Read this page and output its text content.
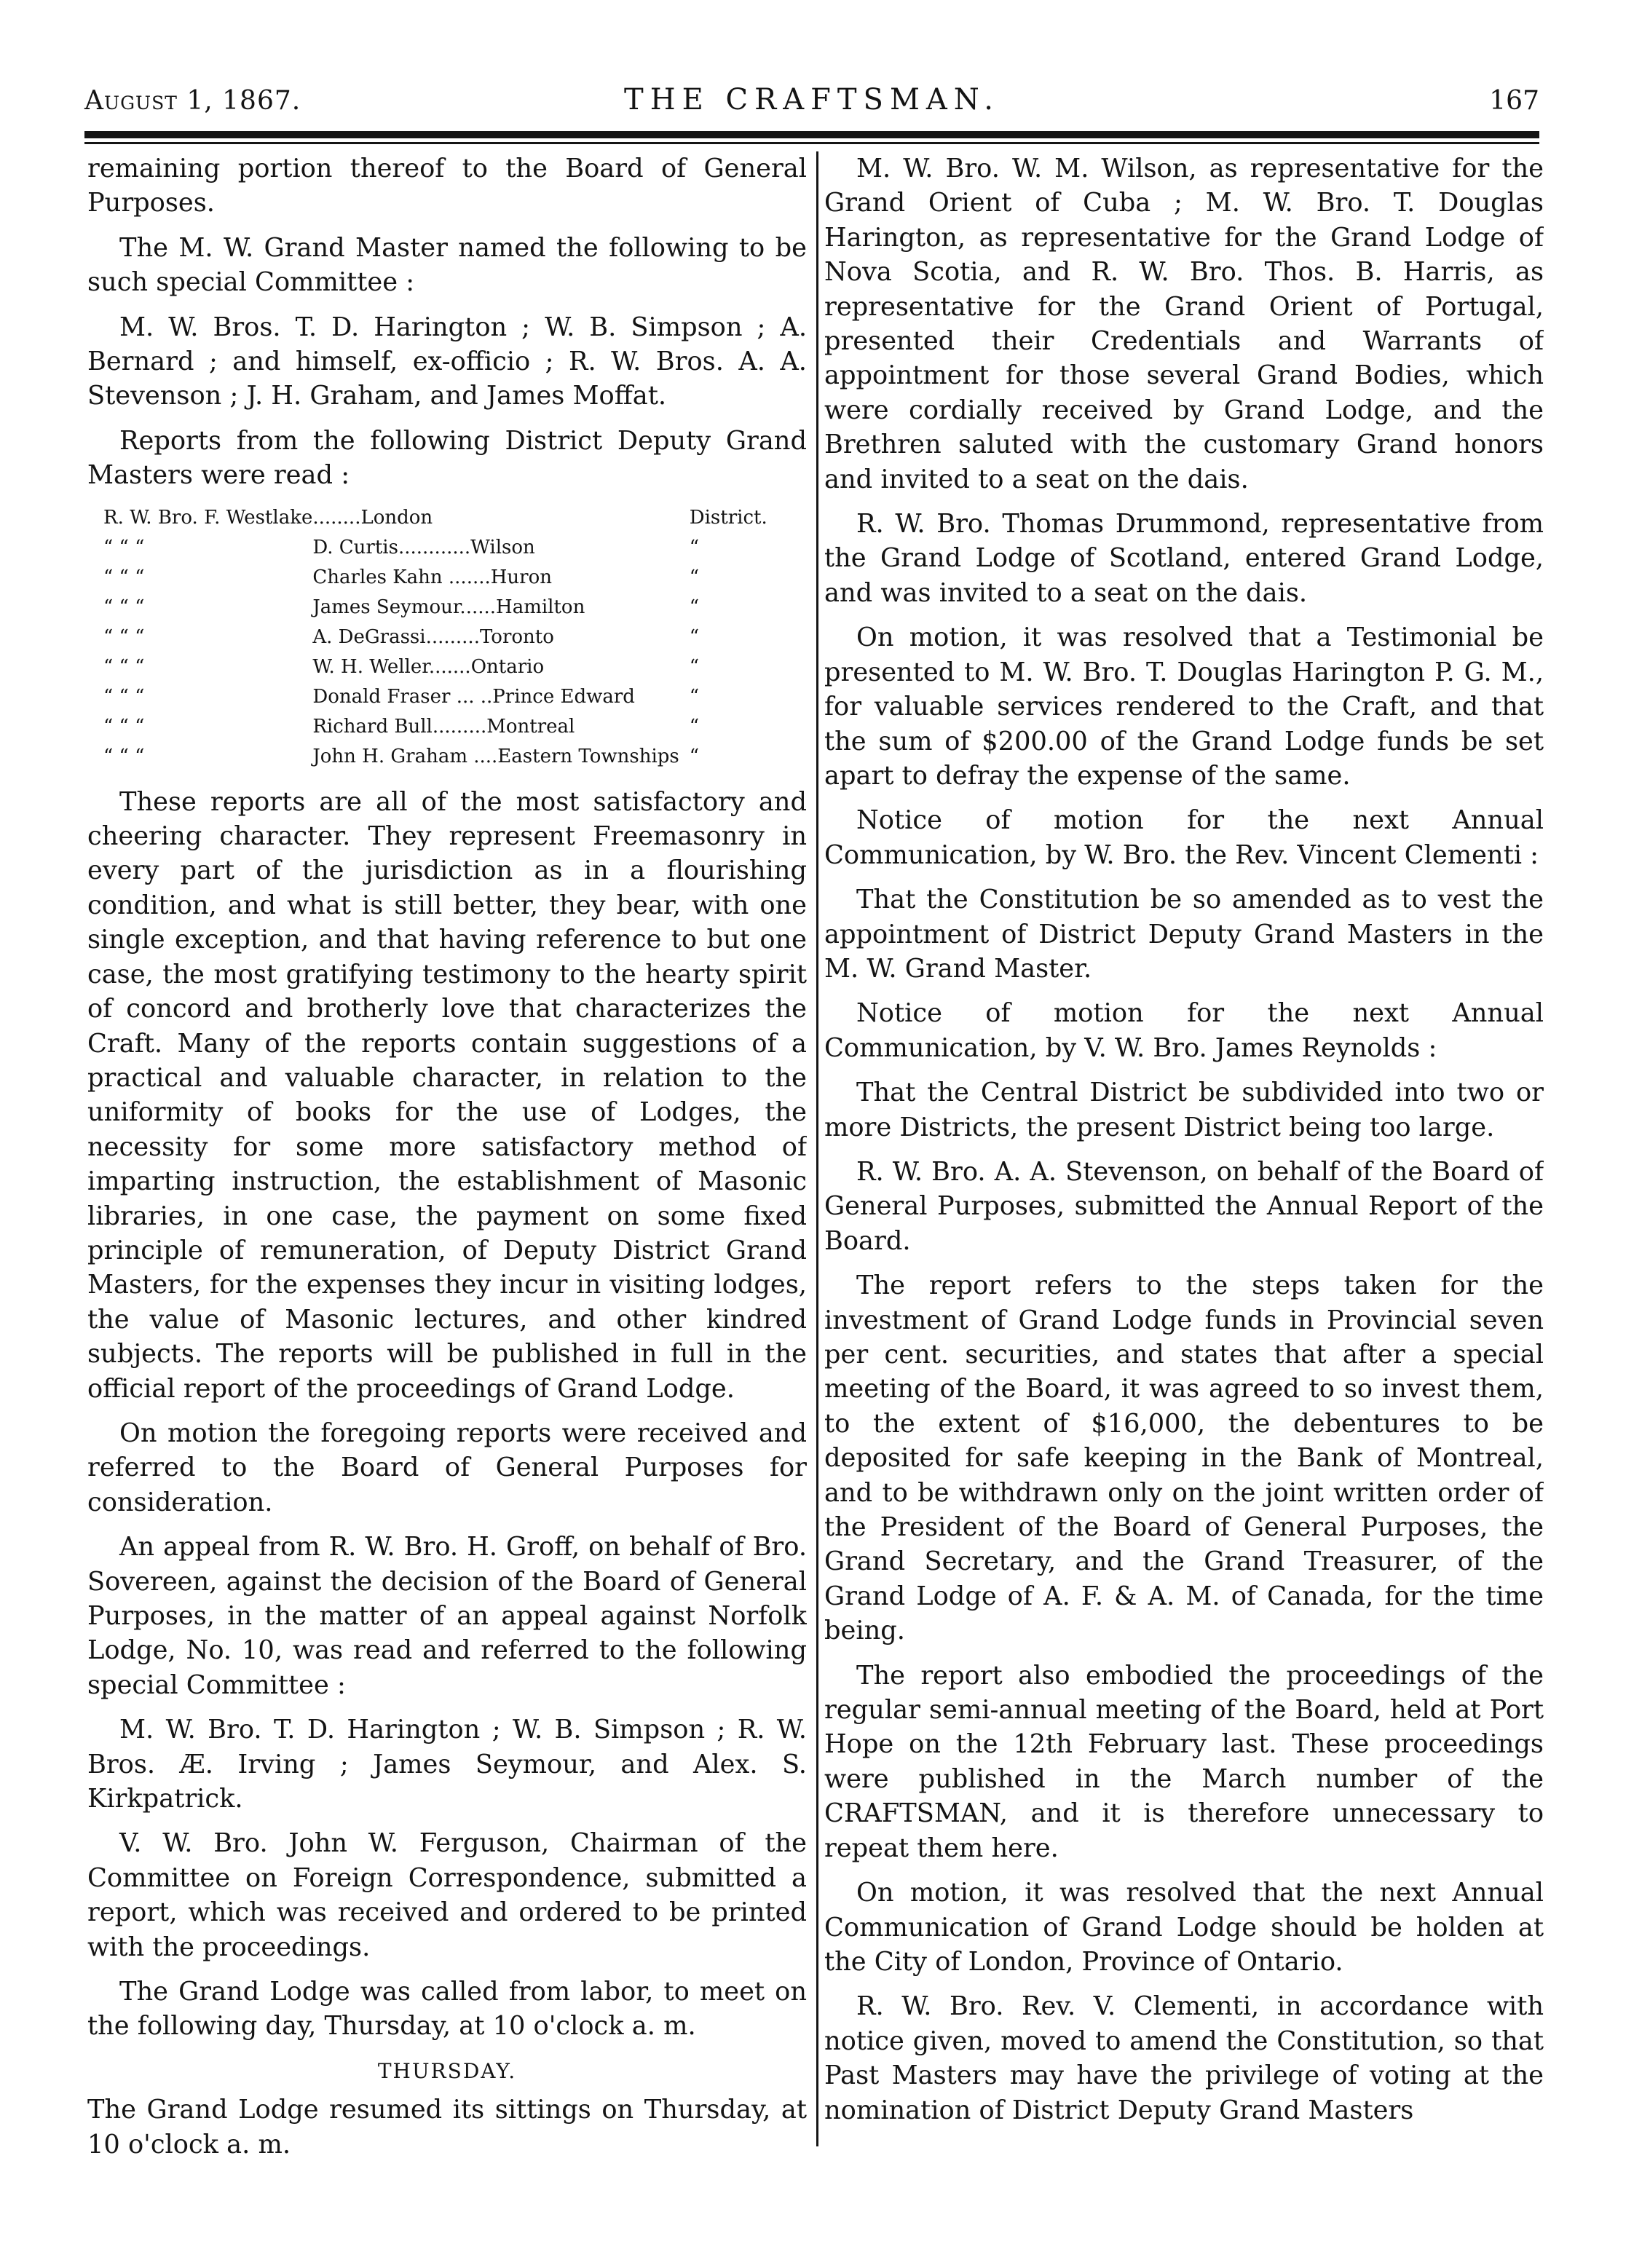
August 1, 1867.	THE CRAFTSMAN.	167

remaining portion thereof to the Board of General Purposes.

The M. W. Grand Master named the following to be such special Committee :

M. W. Bros. T. D. Harington ; W. B. Simpson ; A. Bernard ; and himself, ex-officio ; R. W. Bros. A. A. Stevenson ; J. H. Graham, and James Moffat.

Reports from the following District Deputy Grand Masters were read :

R. W. Bro. F. Westlake	........London	District.
“ “ “	D. Curtis............Wilson	“
“ “ “	Charles Kahn .......Huron	“
“ “ “	James Seymour......Hamilton	“
“ “ “	A. DeGrassi.........Toronto	“
“ “ “	W. H. Weller.......Ontario	“
“ “ “	Donald Fraser ... ..Prince Edward	“
“ “ “	Richard Bull.........Montreal	“
“ “ “	John H. Graham ....Eastern Townships	“

These reports are all of the most satisfactory and cheering character. They represent Freemasonry in every part of the jurisdiction as in a flourishing condition, and what is still better, they bear, with one single exception, and that having reference to but one case, the most gratifying testimony to the hearty spirit of concord and brotherly love that characterizes the Craft. Many of the reports contain suggestions of a practical and valuable character, in relation to the uniformity of books for the use of Lodges, the necessity for some more satisfactory method of imparting instruction, the establishment of Masonic libraries, in one case, the payment on some fixed principle of remuneration, of Deputy District Grand Masters, for the expenses they incur in visiting lodges, the value of Masonic lectures, and other kindred subjects. The reports will be published in full in the official report of the proceedings of Grand Lodge.

On motion the foregoing reports were received and referred to the Board of General Purposes for consideration.

An appeal from R. W. Bro. H. Groff, on behalf of Bro. Sovereen, against the decision of the Board of General Purposes, in the matter of an appeal against Norfolk Lodge, No. 10, was read and referred to the following special Committee :

M. W. Bro. T. D. Harington ; W. B. Simpson ; R. W. Bros. Æ. Irving ; James Seymour, and Alex. S. Kirkpatrick.

V. W. Bro. John W. Ferguson, Chairman of the Committee on Foreign Correspondence, submitted a report, which was received and ordered to be printed with the proceedings.

The Grand Lodge was called from labor, to meet on the following day, Thursday, at 10 o'clock a. m.

THURSDAY.

The Grand Lodge resumed its sittings on Thursday, at 10 o'clock a. m.

M. W. Bro. W. M. Wilson, as representative for the Grand Orient of Cuba ; M. W. Bro. T. Douglas Harington, as representative for the Grand Lodge of Nova Scotia, and R. W. Bro. Thos. B. Harris, as representative for the Grand Orient of Portugal, presented their Credentials and Warrants of appointment for those several Grand Bodies, which were cordially received by Grand Lodge, and the Brethren saluted with the customary Grand honors and invited to a seat on the dais.

R. W. Bro. Thomas Drummond, representative from the Grand Lodge of Scotland, entered Grand Lodge, and was invited to a seat on the dais.

On motion, it was resolved that a Testimonial be presented to M. W. Bro. T. Douglas Harington P. G. M., for valuable services rendered to the Craft, and that the sum of $200.00 of the Grand Lodge funds be set apart to defray the expense of the same.

Notice of motion for the next Annual Communication, by W. Bro. the Rev. Vincent Clementi :

That the Constitution be so amended as to vest the appointment of District Deputy Grand Masters in the M. W. Grand Master.

Notice of motion for the next Annual Communication, by V. W. Bro. James Reynolds :

That the Central District be subdivided into two or more Districts, the present District being too large.

R. W. Bro. A. A. Stevenson, on behalf of the Board of General Purposes, submitted the Annual Report of the Board.

The report refers to the steps taken for the investment of Grand Lodge funds in Provincial seven per cent. securities, and states that after a special meeting of the Board, it was agreed to so invest them, to the extent of $16,000, the debentures to be deposited for safe keeping in the Bank of Montreal, and to be withdrawn only on the joint written order of the President of the Board of General Purposes, the Grand Secretary, and the Grand Treasurer, of the Grand Lodge of A. F. & A. M. of Canada, for the time being.

The report also embodied the proceedings of the regular semi-annual meeting of the Board, held at Port Hope on the 12th February last. These proceedings were published in the March number of the CRAFTSMAN, and it is therefore unnecessary to repeat them here.

On motion, it was resolved that the next Annual Communication of Grand Lodge should be holden at the City of London, Province of Ontario.

R. W. Bro. Rev. V. Clementi, in accordance with notice given, moved to amend the Constitution, so that Past Masters may have the privilege of voting at the nomination of District Deputy Grand Masters
